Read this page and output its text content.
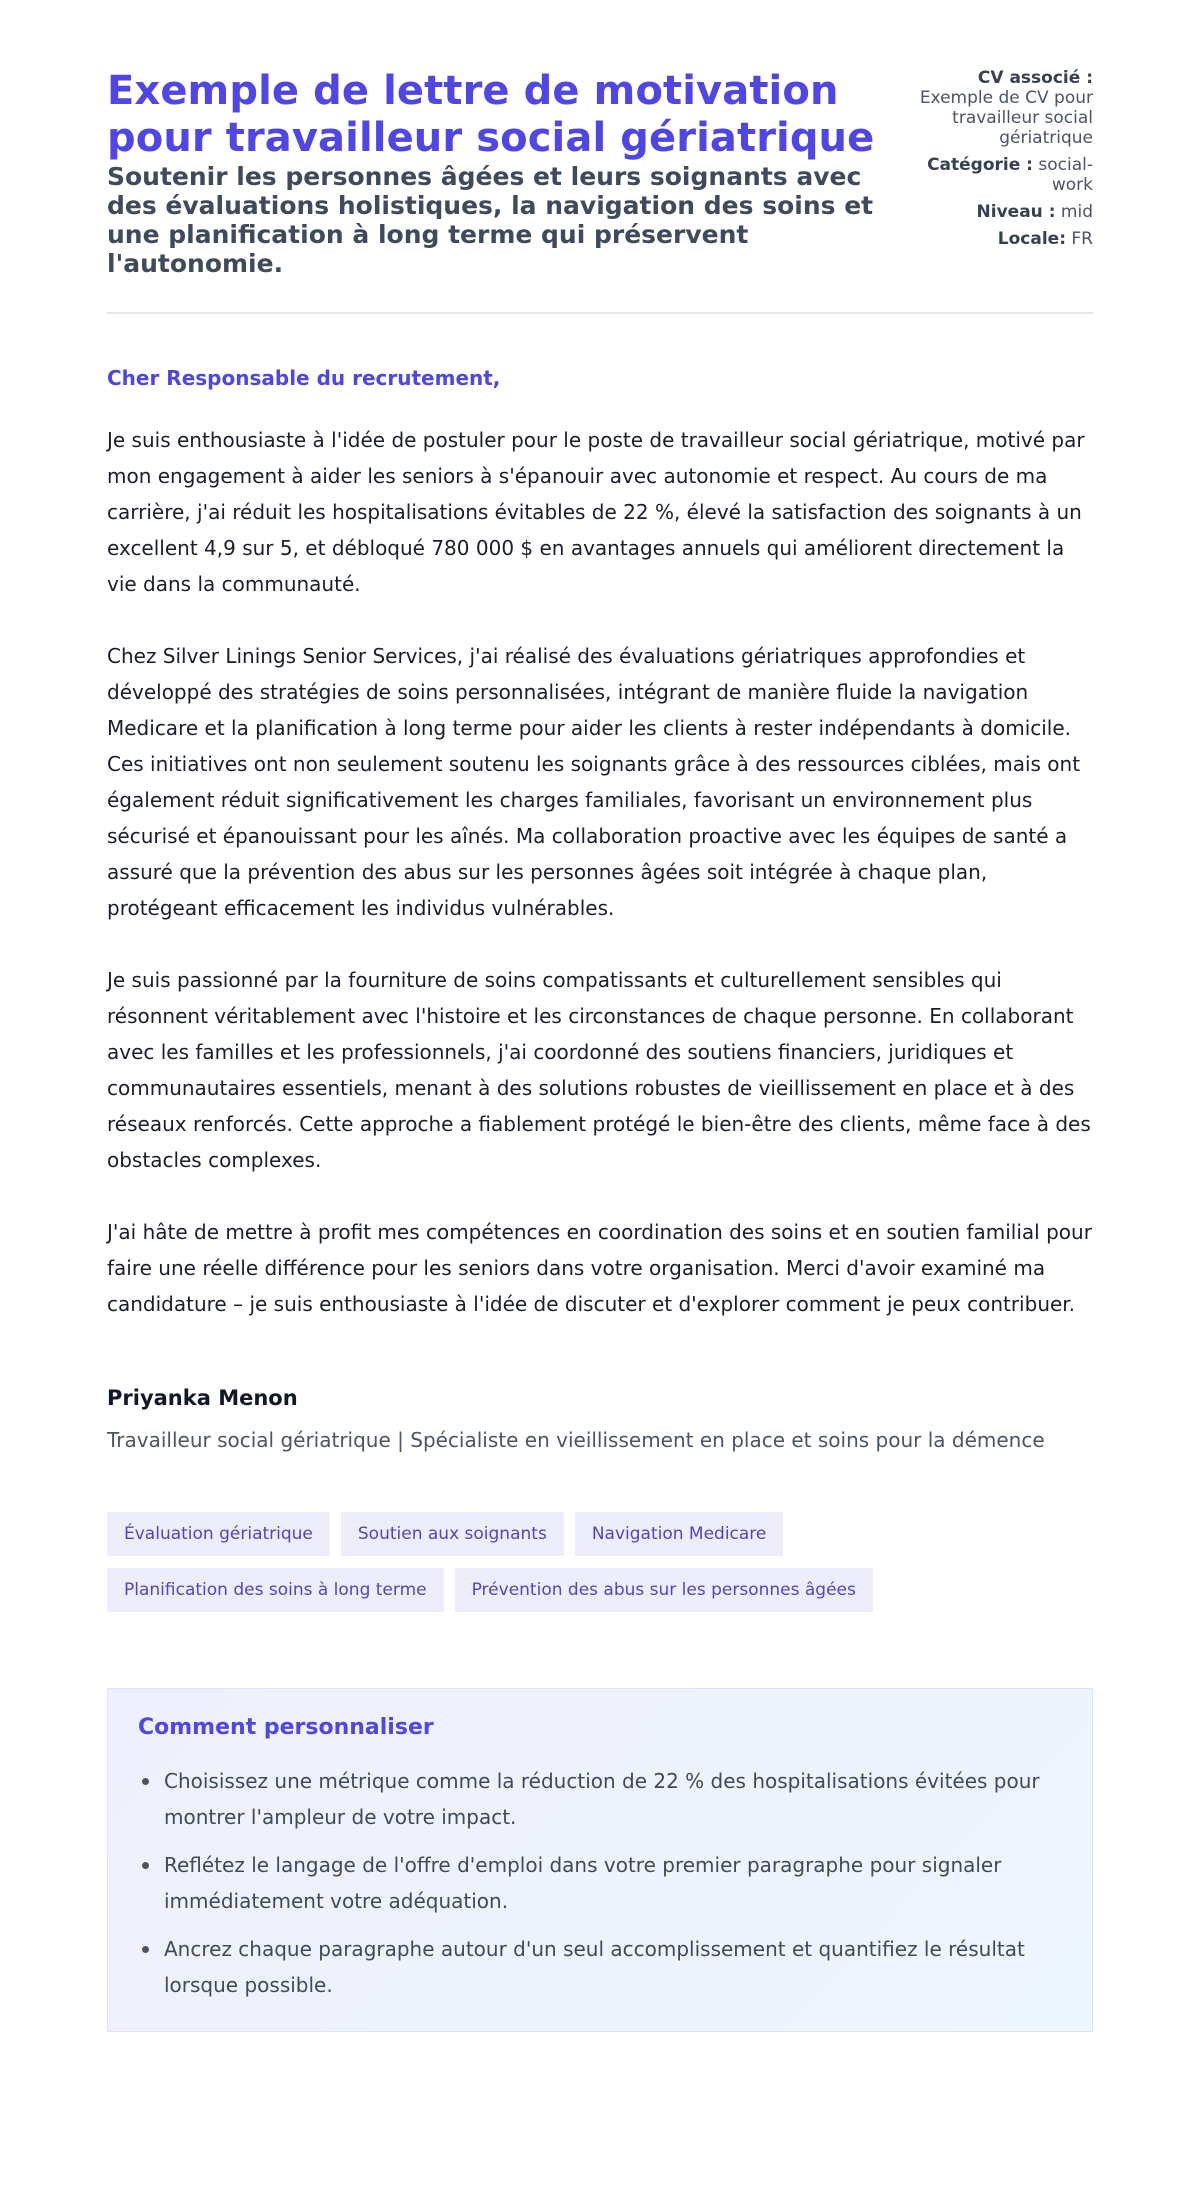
Exemple de lettre de motivation pour travailleur social gériatrique
Soutenir les personnes âgées et leurs soignants avec des évaluations holistiques, la navigation des soins et une planification à long terme qui préservent l'autonomie.
CV associé :
Exemple de CV pour travailleur social gériatrique
Catégorie : social-work
Niveau : mid
Locale: FR

Cher Responsable du recrutement,

Je suis enthousiaste à l'idée de postuler pour le poste de travailleur social gériatrique, motivé par mon engagement à aider les seniors à s'épanouir avec autonomie et respect. Au cours de ma carrière, j'ai réduit les hospitalisations évitables de 22 %, élevé la satisfaction des soignants à un excellent 4,9 sur 5, et débloqué 780 000 $ en avantages annuels qui améliorent directement la vie dans la communauté.

Chez Silver Linings Senior Services, j'ai réalisé des évaluations gériatriques approfondies et développé des stratégies de soins personnalisées, intégrant de manière fluide la navigation Medicare et la planification à long terme pour aider les clients à rester indépendants à domicile. Ces initiatives ont non seulement soutenu les soignants grâce à des ressources ciblées, mais ont également réduit significativement les charges familiales, favorisant un environnement plus sécurisé et épanouissant pour les aînés. Ma collaboration proactive avec les équipes de santé a assuré que la prévention des abus sur les personnes âgées soit intégrée à chaque plan, protégeant efficacement les individus vulnérables.

Je suis passionné par la fourniture de soins compatissants et culturellement sensibles qui résonnent véritablement avec l'histoire et les circonstances de chaque personne. En collaborant avec les familles et les professionnels, j'ai coordonné des soutiens financiers, juridiques et communautaires essentiels, menant à des solutions robustes de vieillissement en place et à des réseaux renforcés. Cette approche a fiablement protégé le bien-être des clients, même face à des obstacles complexes.

J'ai hâte de mettre à profit mes compétences en coordination des soins et en soutien familial pour faire une réelle différence pour les seniors dans votre organisation. Merci d'avoir examiné ma candidature – je suis enthousiaste à l'idée de discuter et d'explorer comment je peux contribuer.

Priyanka Menon
Travailleur social gériatrique | Spécialiste en vieillissement en place et soins pour la démence
Évaluation gériatrique	Soutien aux soignants	Navigation Medicare
Planification des soins à long terme	Prévention des abus sur les personnes âgées
Comment personnaliser
Choisissez une métrique comme la réduction de 22 % des hospitalisations évitées pour montrer l'ampleur de votre impact.
Reflétez le langage de l'offre d'emploi dans votre premier paragraphe pour signaler immédiatement votre adéquation.
Ancrez chaque paragraphe autour d'un seul accomplissement et quantifiez le résultat lorsque possible.
